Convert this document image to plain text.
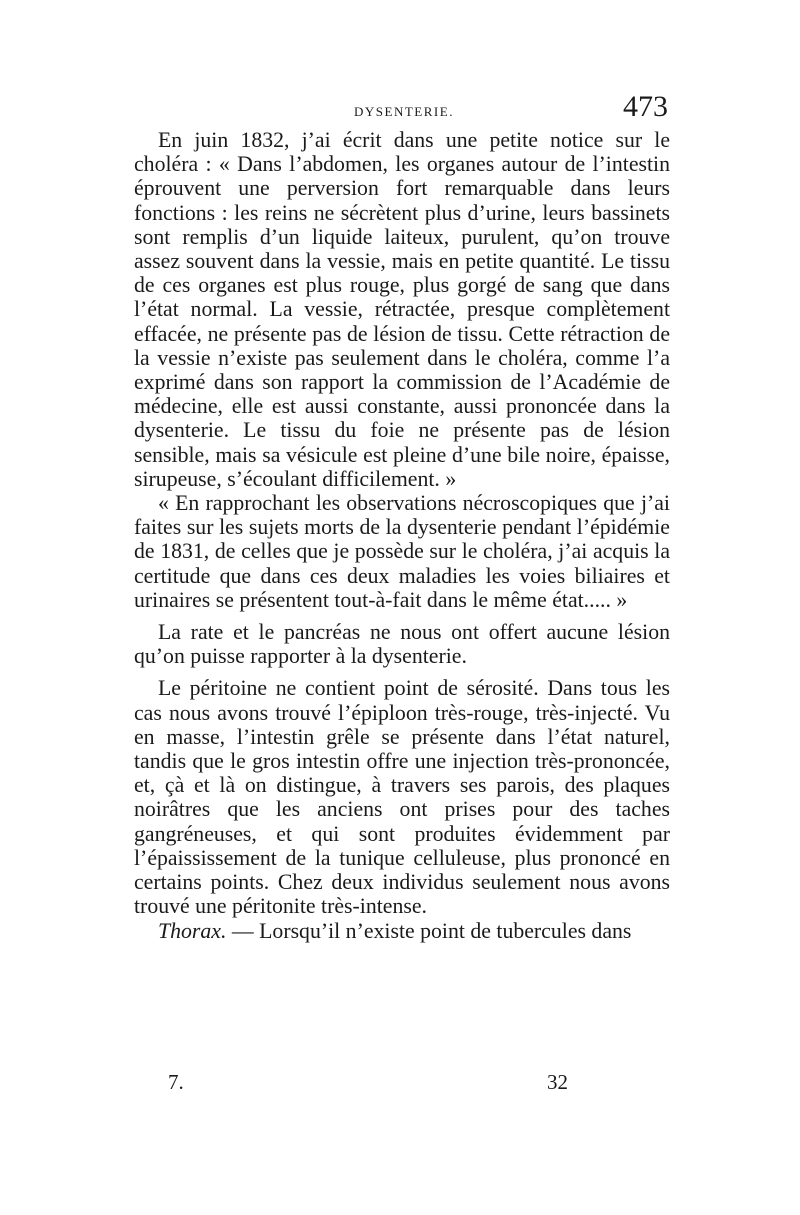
DYSENTERIE.	473

En juin 1832, j’ai écrit dans une petite notice sur le choléra : « Dans l’abdomen, les organes autour de l’intestin éprouvent une perversion fort remarquable dans leurs fonctions : les reins ne sécrètent plus d’urine, leurs bassinets sont remplis d’un liquide laiteux, purulent, qu’on trouve assez souvent dans la vessie, mais en petite quantité. Le tissu de ces organes est plus rouge, plus gorgé de sang que dans l’état normal. La vessie, rétractée, presque complètement effacée, ne présente pas de lésion de tissu. Cette rétraction de la vessie n’existe pas seulement dans le choléra, comme l’a exprimé dans son rapport la commission de l’Académie de médecine, elle est aussi constante, aussi prononcée dans la dysenterie. Le tissu du foie ne présente pas de lésion sensible, mais sa vésicule est pleine d’une bile noire, épaisse, sirupeuse, s’écoulant difficilement. »

« En rapprochant les observations nécroscopiques que j’ai faites sur les sujets morts de la dysenterie pendant l’épidémie de 1831, de celles que je possède sur le choléra, j’ai acquis la certitude que dans ces deux maladies les voies biliaires et urinaires se présentent tout-à-fait dans le même état..... »

La rate et le pancréas ne nous ont offert aucune lésion qu’on puisse rapporter à la dysenterie.

Le péritoine ne contient point de sérosité. Dans tous les cas nous avons trouvé l’épiploon très-rouge, très-injecté. Vu en masse, l’intestin grêle se présente dans l’état naturel, tandis que le gros intestin offre une injection très-prononcée, et, çà et là on distingue, à travers ses parois, des plaques noirâtres que les anciens ont prises pour des taches gangréneuses, et qui sont produites évidemment par l’épaississement de la tunique celluleuse, plus prononcé en certains points. Chez deux individus seulement nous avons trouvé une péritonite très-intense.

Thorax. — Lorsqu’il n’existe point de tubercules dans

7.	32
